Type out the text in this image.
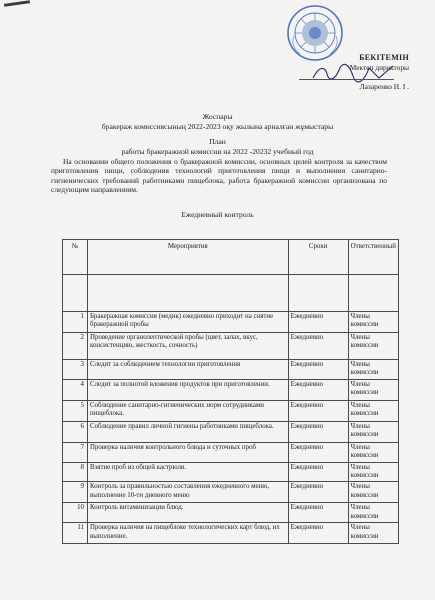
БЕКІТЕМІН
Мектеп директоры
Лазаренко Н. І .
Жоспары
бракераж комиссиясының 2022-2023 оқу жылына арналған жұмыстары
План
работы бракеражной комиссии на 2022 -20232 учебный год
На основании общего положения о бракеражной комиссии, основных целей контроля за качеством приготовления пищи, соблюдения технологий приготовления пищи и выполнения санитарно- гигиенических требований работниками пищеблока, работа бракеражной комиссии организована по следующим направлениям.
Ежедневный контроль
№	Мероприятия	Сроки	Ответственный

1	Бракеражная комиссия (медик) ежедневно приходит на снятие бракеражной пробы	Ежедневно	Члены комиссии
2	Проведение органолептической пробы (цвет, запах, вкус, консистенцию, жесткость, сочность)	Ежедневно	Члены комиссии
3	Следит за соблюдением технологии приготовления	Ежедневно	Члены комиссии
4	Следит за полнотой вложения продуктов при приготовлении.	Ежедневно	Члены комиссии
5	Соблюдение санитарно-гигиенических норм сотрудниками пищеблока.	Ежедневно	Члены комиссии
6	Соблюдение правил личной гигиены работниками пищеблока.	Ежедневно	Члены комиссии
7	Проверка наличия контрольного блюда и суточных проб	Ежедневно	Члены комиссии
8	Взятие проб из общей кастрюли.	Ежедневно	Члены комиссии
9	Контроль за правильностью составления ежедневного меню, выполнение 10-ти дневного меню	Ежедневно	Члены комиссии
10	Контроль витаминизации блюд.	Ежедневно	Члены комиссии
11	Проверка наличия на пищеблоке технологических карт блюд, их выполнение.	Ежедневно	Члены комиссии
